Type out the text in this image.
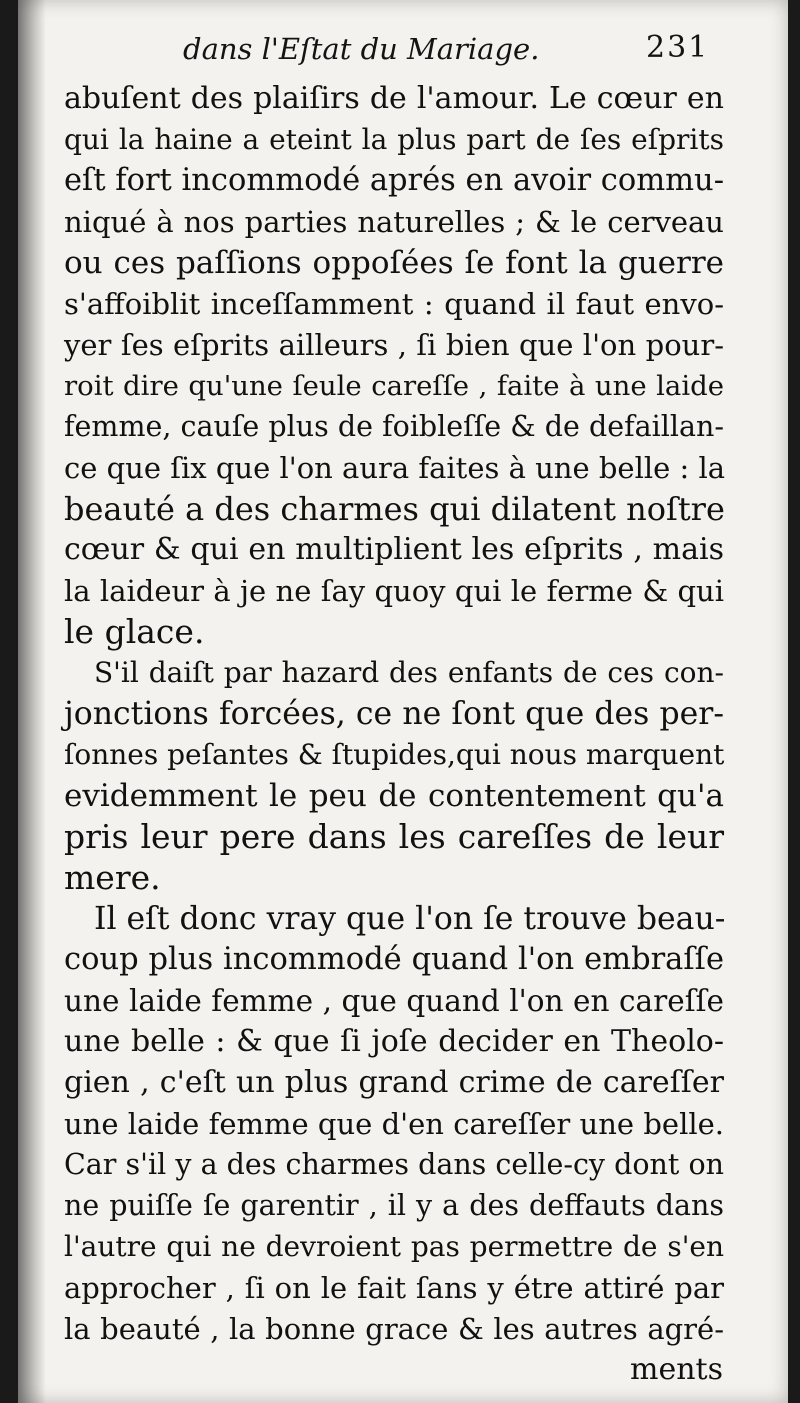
dans l'Eſtat du Mariage.	231
abuſent des plaiſirs de l'amour. Le cœur en
qui la haine a eteint la plus part de ſes eſprits
eſt fort incommodé aprés en avoir commu-
niqué à nos parties naturelles ; & le cerveau
ou ces paſſions oppoſées ſe font la guerre
s'affoiblit inceſſamment : quand il faut envo-
yer ſes eſprits ailleurs , ſi bien que l'on pour-
roit dire qu'une ſeule careſſe , faite à une laide
femme, cauſe plus de foibleſſe & de defaillan-
ce que ſix que l'on aura faites à une belle : la
beauté a des charmes qui dilatent noſtre
cœur & qui en multiplient les eſprits , mais
la laideur à je ne ſay quoy qui le ferme & qui
le glace.
S'il daiſt par hazard des enfants de ces con-
jonctions forcées, ce ne ſont que des per-
ſonnes peſantes & ſtupides,qui nous marquent
evidemment le peu de contentement qu'a
pris leur pere dans les careſſes de leur
mere.
Il eſt donc vray que l'on ſe trouve beau-
coup plus incommodé quand l'on embraſſe
une laide femme , que quand l'on en careſſe
une belle : & que ſi joſe decider en Theolo-
gien , c'eſt un plus grand crime de careſſer
une laide femme que d'en careſſer une belle.
Car s'il y a des charmes dans celle-cy dont on
ne puiſſe ſe garentir , il y a des deffauts dans
l'autre qui ne devroient pas permettre de s'en
approcher , ſi on le fait ſans y étre attiré par
la beauté , la bonne grace & les autres agré-
ments
